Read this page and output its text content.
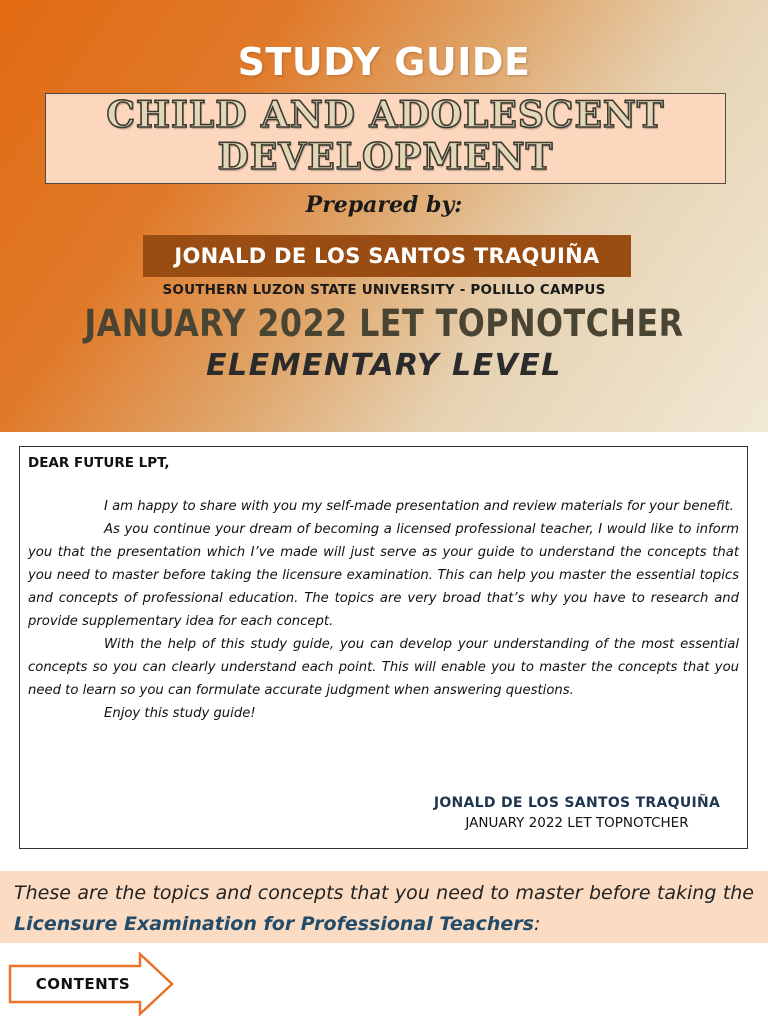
STUDY GUIDE
CHILD AND ADOLESCENT
DEVELOPMENT
Prepared by:
JONALD DE LOS SANTOS TRAQUIÑA
SOUTHERN LUZON STATE UNIVERSITY - POLILLO CAMPUS
JANUARY 2022 LET TOPNOTCHER
ELEMENTARY LEVEL

DEAR FUTURE LPT,

I am happy to share with you my self-made presentation and review materials for your benefit.

As you continue your dream of becoming a licensed professional teacher, I would like to inform you that the presentation which I’ve made will just serve as your guide to understand the concepts that you need to master before taking the licensure examination. This can help you master the essential topics and concepts of professional education. The topics are very broad that’s why you have to research and provide supplementary idea for each concept.

With the help of this study guide, you can develop your understanding of the most essential concepts so you can clearly understand each point. This will enable you to master the concepts that you need to learn so you can formulate accurate judgment when answering questions.

Enjoy this study guide!

JONALD DE LOS SANTOS TRAQUIÑA
JANUARY 2022 LET TOPNOTCHER
These are the topics and concepts that you need to master before taking the Licensure Examination for Professional Teachers:
CONTENTS
